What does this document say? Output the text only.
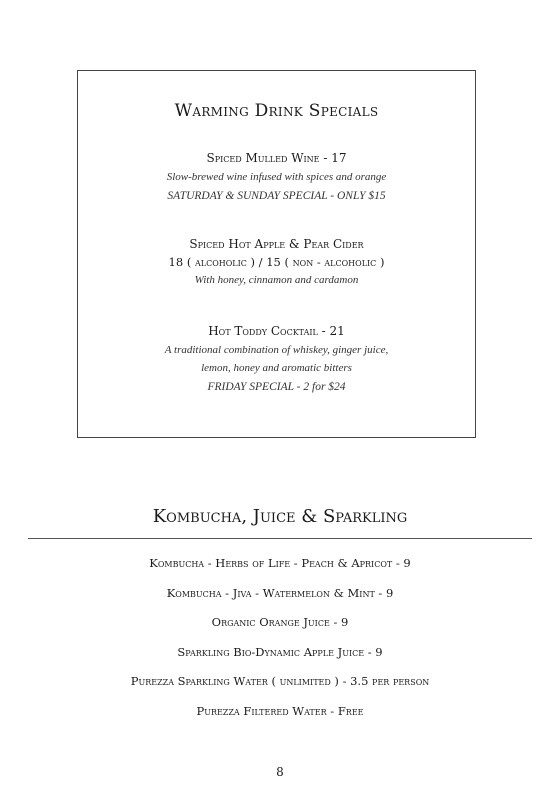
Warming Drink Specials
Spiced Mulled Wine - 17
Slow-brewed wine infused with spices and orange
SATURDAY & SUNDAY SPECIAL - ONLY $15
Spiced Hot Apple & Pear Cider
18 ( alcoholic ) / 15 ( non - alcoholic )
With honey, cinnamon and cardamon
Hot Toddy Cocktail - 21
A traditional combination of whiskey, ginger juice,
lemon, honey and aromatic bitters
FRIDAY SPECIAL - 2 for $24
Kombucha, Juice & Sparkling
Kombucha - Herbs of Life - Peach & Apricot - 9
Kombucha - Jiva - Watermelon & Mint - 9
Organic Orange Juice - 9
Sparkling Bio-Dynamic Apple Juice - 9
Purezza Sparkling Water ( unlimited ) - 3.5 per person
Purezza Filtered Water - Free
8
